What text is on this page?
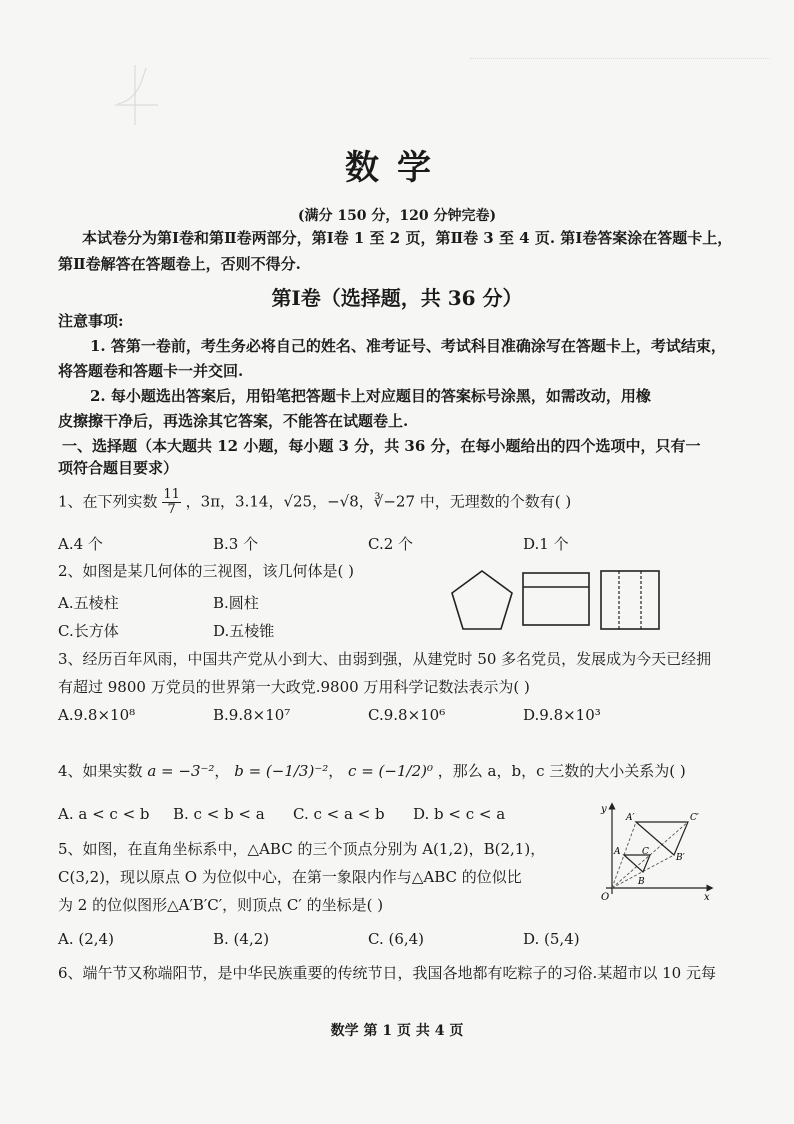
数学
(满分 150 分，120 分钟完卷)
本试卷分为第Ⅰ卷和第Ⅱ卷两部分，第Ⅰ卷 1 至 2 页，第Ⅱ卷 3 至 4 页. 第Ⅰ卷答案涂在答题卡上，
第Ⅱ卷解答在答题卷上，否则不得分.
第Ⅰ卷（选择题，共 36 分）
注意事项:
1. 答第一卷前，考生务必将自己的姓名、准考证号、考试科目准确涂写在答题卡上，考试结束，
将答题卷和答题卡一并交回.
2. 每小题选出答案后，用铅笔把答题卡上对应题目的答案标号涂黑，如需改动，用橡
皮擦擦干净后，再选涂其它答案，不能答在试题卷上.
一、选择题（本大题共 12 小题，每小题 3 分，共 36 分，在每小题给出的四个选项中，只有一
项符合题目要求）
1、在下列实数 $\frac{11}{7}$ ，3π，3.14，√25，−√8，∛−27 中，无理数的个数有( )
A.4 个	B.3 个	C.2 个	D.1 个
2、如图是某几何体的三视图，该几何体是( )
A.五棱柱	B.圆柱
C.长方体	D.五棱锥
3、经历百年风雨，中国共产党从小到大、由弱到强，从建党时 50 多名党员，发展成为今天已经拥
有超过 9800 万党员的世界第一大政党.9800 万用科学记数法表示为( )
A.9.8×10⁸	B.9.8×10⁷	C.9.8×10⁶	D.9.8×10³
4、如果实数 a = −3⁻²， b = (−1/3)⁻²， c = (−1/2)⁰ ，那么 a，b，c 三数的大小关系为( )
A. a < c < b B. c < b < a C. c < a < b D. b < c < a
5、如图，在直角坐标系中，△ABC 的三个顶点分别为 A(1,2)，B(2,1)，
C(3,2)，现以原点 O 为位似中心，在第一象限内作与△ABC 的位似比
为 2 的位似图形△A′B′C′，则顶点 C′ 的坐标是( )
A. (2,4)	B. (4,2)	C. (6,4)	D. (5,4)
y
x
O
A′	C′
A C
B
B′
6、端午节又称端阳节，是中华民族重要的传统节日，我国各地都有吃粽子的习俗.某超市以 10 元每
数学 第 1 页 共 4 页
